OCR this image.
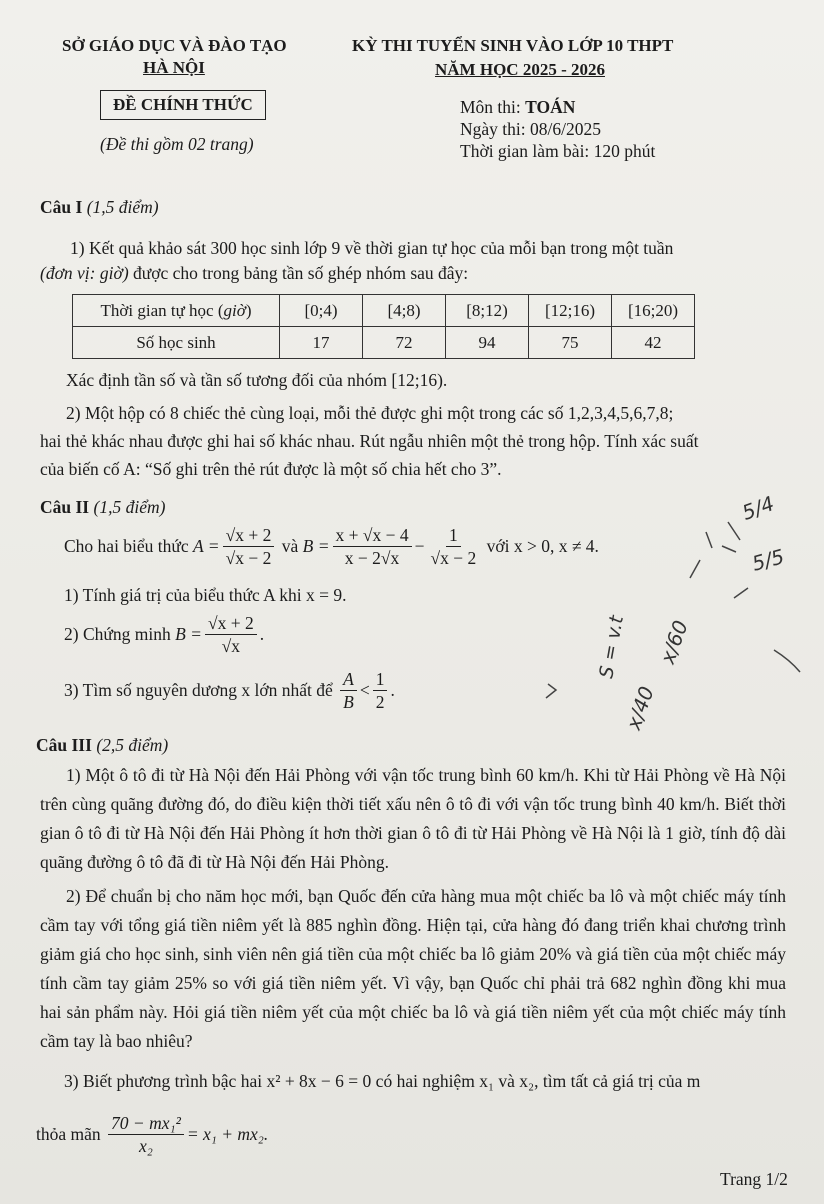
SỞ GIÁO DỤC VÀ ĐÀO TẠO
HÀ NỘI
KỲ THI TUYỂN SINH VÀO LỚP 10 THPT
NĂM HỌC 2025 - 2026
ĐỀ CHÍNH THỨC
(Đề thi gồm 02 trang)
Môn thi: TOÁN
Ngày thi: 08/6/2025
Thời gian làm bài: 120 phút
Câu I (1,5 điểm)
1) Kết quả khảo sát 300 học sinh lớp 9 về thời gian tự học của mỗi bạn trong một tuần
(đơn vị: giờ) được cho trong bảng tần số ghép nhóm sau đây:
Thời gian tự học (giờ)	[0;4)	[4;8)	[8;12)	[12;16)	[16;20)
Số học sinh	17	72	94	75	42
Xác định tần số và tần số tương đối của nhóm [12;16).
2) Một hộp có 8 chiếc thẻ cùng loại, mỗi thẻ được ghi một trong các số 1,2,3,4,5,6,7,8;
hai thẻ khác nhau được ghi hai số khác nhau. Rút ngẫu nhiên một thẻ trong hộp. Tính xác suất
của biến cố A: “Số ghi trên thẻ rút được là một số chia hết cho 3”.
Câu II (1,5 điểm)
Cho hai biểu thức
$A = \frac{√x + 2}{√x - 2}$
và
$B = \frac{x + √x - 4}{x - 2√x} - \frac{1}{√x - 2}$
với x > 0, x ≠ 4.
1) Tính giá trị của biểu thức A khi x = 9.
2) Chứng minh
$B = \frac{√x + 2}{√x}$ .
3) Tìm số nguyên dương x lớn nhất để
$\frac{A}{B} < \frac{1}{2}$ .
Câu III (2,5 điểm)
1) Một ô tô đi từ Hà Nội đến Hải Phòng với vận tốc trung bình 60 km/h. Khi từ Hải Phòng về Hà Nội trên cùng quãng đường đó, do điều kiện thời tiết xấu nên ô tô đi với vận tốc trung bình 40 km/h. Biết thời gian ô tô đi từ Hà Nội đến Hải Phòng ít hơn thời gian ô tô đi từ Hải Phòng về Hà Nội là 1 giờ, tính độ dài quãng đường ô tô đã đi từ Hà Nội đến Hải Phòng.
2) Để chuẩn bị cho năm học mới, bạn Quốc đến cửa hàng mua một chiếc ba lô và một chiếc máy tính cầm tay với tổng giá tiền niêm yết là 885 nghìn đồng. Hiện tại, cửa hàng đó đang triển khai chương trình giảm giá cho học sinh, sinh viên nên giá tiền của một chiếc ba lô giảm 20% và giá tiền của một chiếc máy tính cầm tay giảm 25% so với giá tiền niêm yết. Vì vậy, bạn Quốc chỉ phải trả 682 nghìn đồng khi mua hai sản phẩm này. Hỏi giá tiền niêm yết của một chiếc ba lô và giá tiền niêm yết của một chiếc máy tính cầm tay là bao nhiêu?
3) Biết phương trình bậc hai x² + 8x − 6 = 0 có hai nghiệm x₁ và x₂, tìm tất cả giá trị của m
thỏa mãn
$\frac{\text{70 − mx₁²}}{\text{x₂}} = x_1 + mx_2$.
Trang 1/2
5/4
5/5
S = v.t x/60
x/40
